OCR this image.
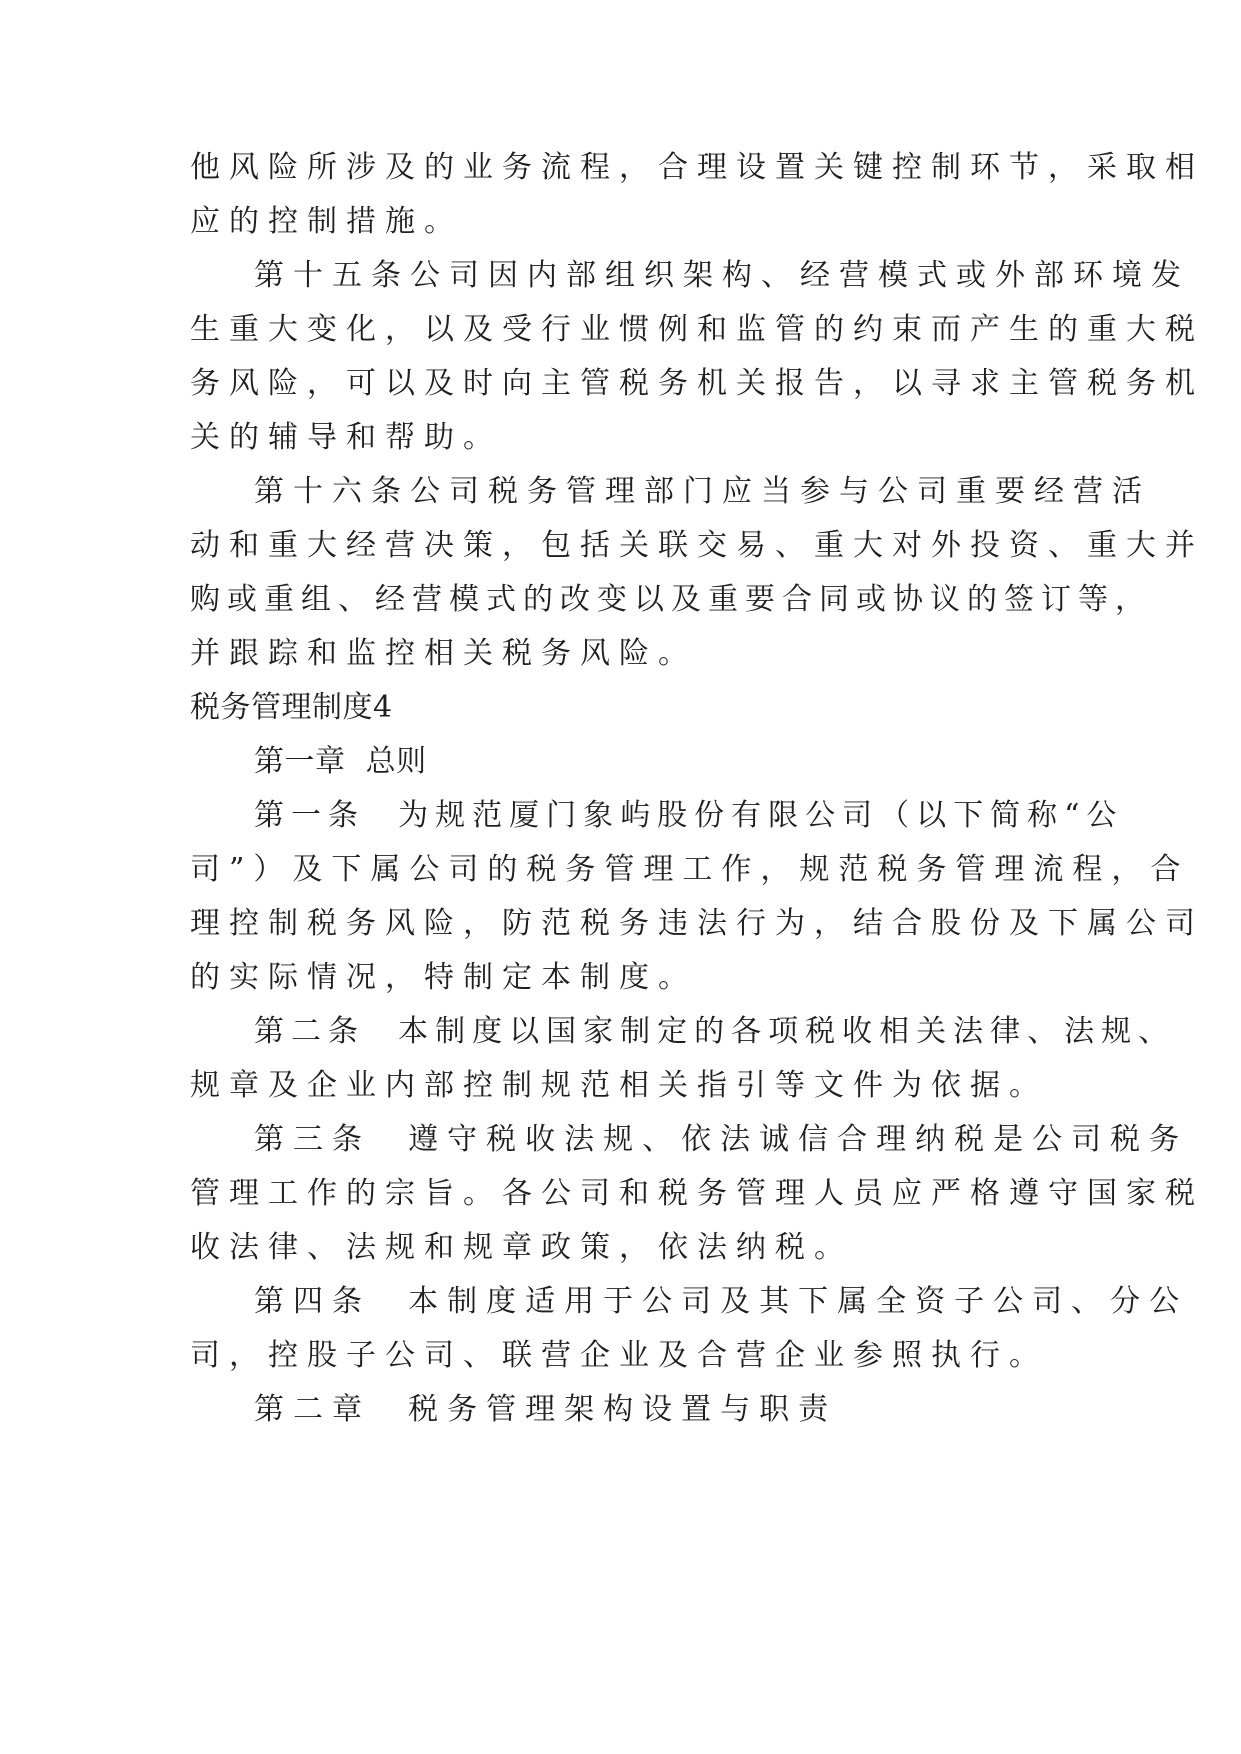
他风险所涉及的业务流程，合理设置关键控制环节，采取相

应的控制措施。

第十五条公司因内部组织架构、经营模式或外部环境发

生重大变化，以及受行业惯例和监管的约束而产生的重大税

务风险，可以及时向主管税务机关报告，以寻求主管税务机

关的辅导和帮助。

第十六条公司税务管理部门应当参与公司重要经营活

动和重大经营决策，包括关联交易、重大对外投资、重大并

购或重组、经营模式的改变以及重要合同或协议的签订等，

并跟踪和监控相关税务风险。

税务管理制度4

第一章  总则

第一条  为规范厦门象屿股份有限公司（以下简称“公

司”）及下属公司的税务管理工作，规范税务管理流程，合

理控制税务风险，防范税务违法行为，结合股份及下属公司

的实际情况，特制定本制度。

第二条  本制度以国家制定的各项税收相关法律、法规、

规章及企业内部控制规范相关指引等文件为依据。

第三条  遵守税收法规、依法诚信合理纳税是公司税务

管理工作的宗旨。各公司和税务管理人员应严格遵守国家税

收法律、法规和规章政策，依法纳税。

第四条  本制度适用于公司及其下属全资子公司、分公

司，控股子公司、联营企业及合营企业参照执行。

第二章  税务管理架构设置与职责
